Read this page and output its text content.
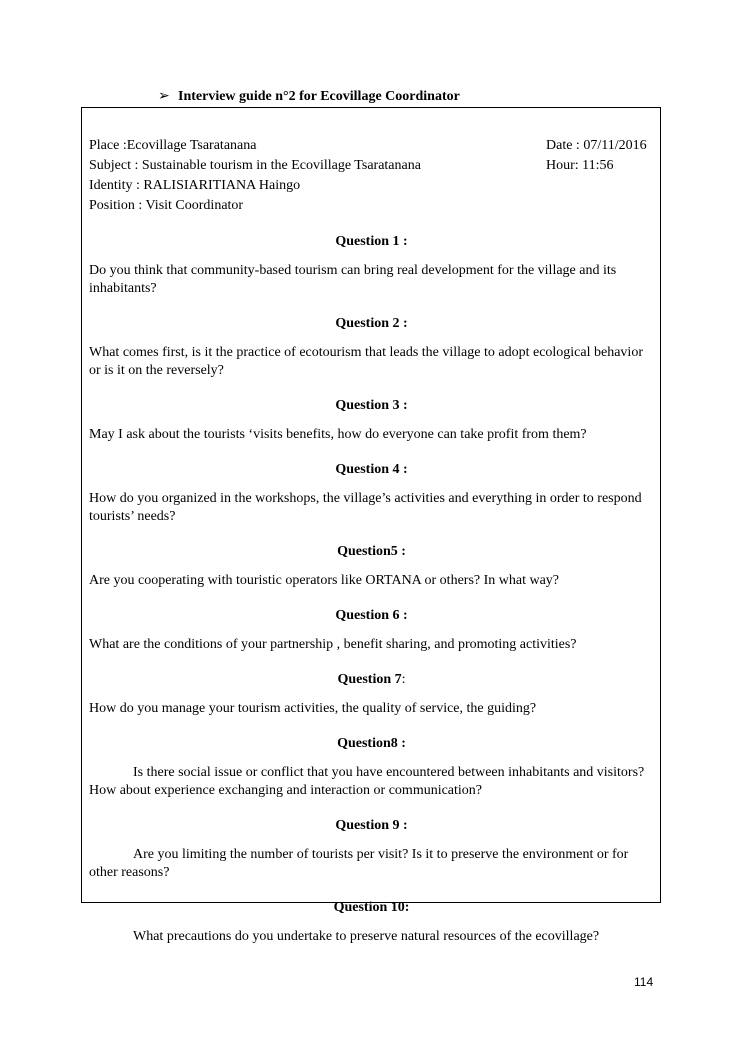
➢ Interview guide n°2 for Ecovillage Coordinator
Place :Ecovillage Tsaratanana	Date : 07/11/2016
Subject : Sustainable tourism in the Ecovillage Tsaratanana	Hour: 11:56
Identity : RALISIARITIANA Haingo
Position : Visit Coordinator
Question 1 :
Do you think that community-based tourism can bring real development for the village and its inhabitants?
Question 2 :
What comes first, is it the practice of ecotourism that leads the village to adopt ecological behavior or is it on the reversely?
Question 3 :
May I ask about the tourists ‘visits benefits, how do everyone can take profit from them?
Question 4 :
How do you organized in the workshops, the village’s activities and everything in order to respond tourists’ needs?
Question5 :
Are you cooperating with touristic operators like ORTANA or others? In what way?
Question 6 :
What are the conditions of your partnership , benefit sharing, and promoting activities?
Question 7:
How do you manage your tourism activities, the quality of service, the guiding?
Question8 :
Is there social issue or conflict that you have encountered between inhabitants and visitors? How about experience exchanging and interaction or communication?
Question 9 :
Are you limiting the number of tourists per visit? Is it to preserve the environment or for other reasons?
Question 10:
What precautions do you undertake to preserve natural resources of the ecovillage?
114
